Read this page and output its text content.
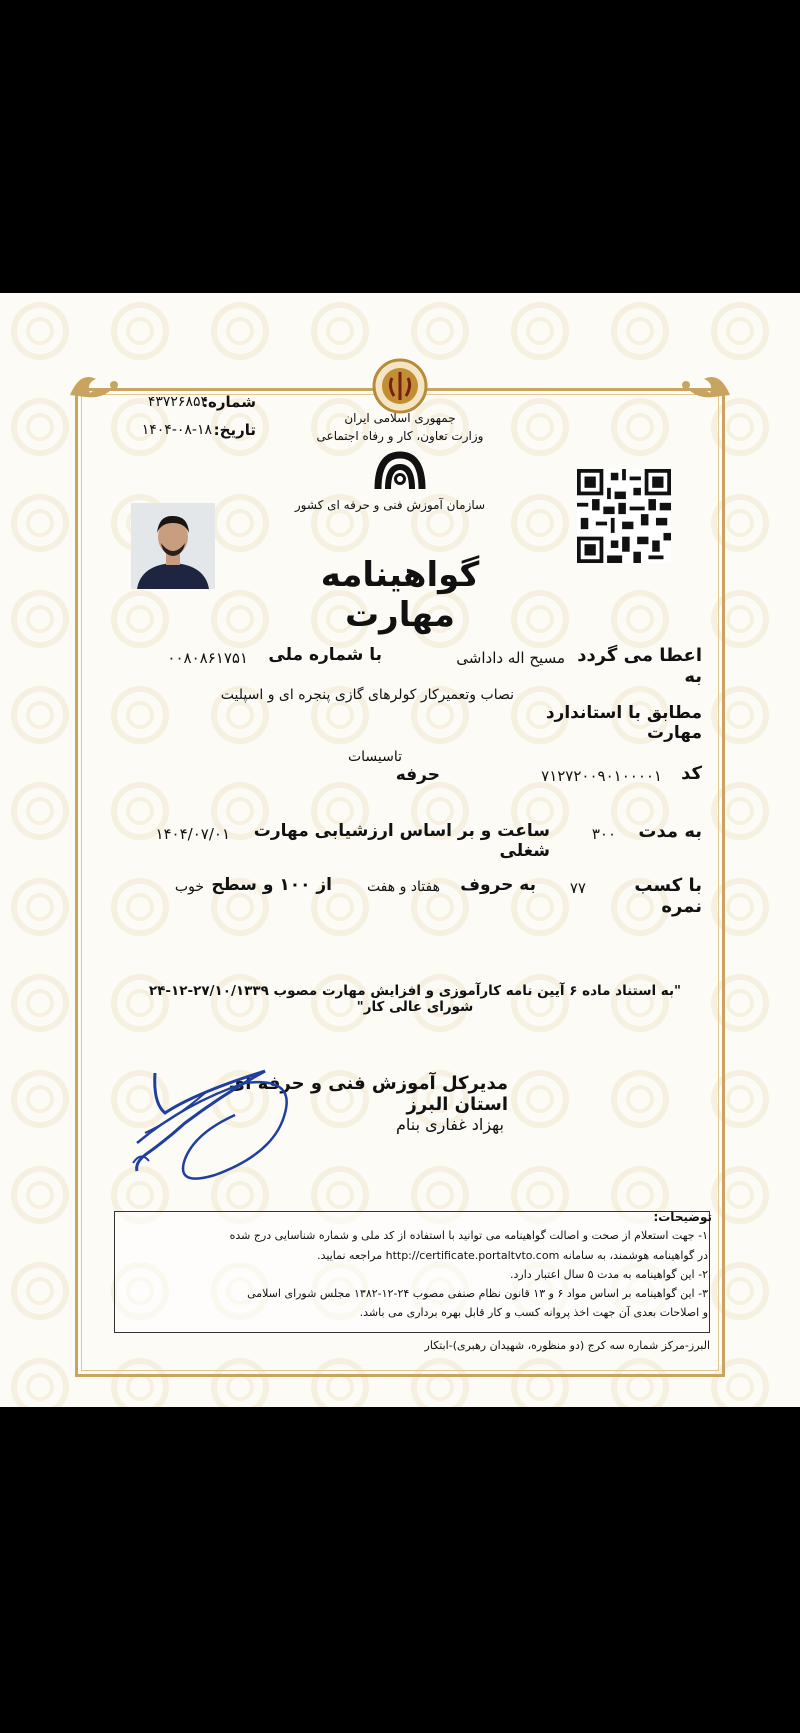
جمهوری اسلامی ایران
وزارت تعاون، کار و رفاه اجتماعی
سازمان آموزش فنی و حرفه ای کشور
شماره:
۴۳۷۲۶۸۵۴
تاریخ:
۱۴۰۴-۰۸-۱۸
گواهینامه مهارت
اعطا می گردد به
مسیح اله داداشی
با شماره ملی
۰۰۸۰۸۶۱۷۵۱
مطابق با استاندارد مهارت
نصاب وتعمیرکار کولرهای گازی پنجره ای و اسپلیت
کد
۷۱۲۷۲۰۰۹۰۱۰۰۰۰۱
حرفه
تاسیسات
به مدت
۳۰۰
ساعت و بر اساس ارزشیابی مهارت شغلی
۱۴۰۴/۰۷/۰۱
با کسب نمره
۷۷
به حروف
هفتاد و هفت
از ۱۰۰ و سطح
خوب
"به استناد ماده ۶ آیین نامه کارآموزی و افزایش مهارت مصوب ۲۷/۱۰/۱۳۳۹-۱۲-۲۴ شورای عالی کار"
مدیرکل آموزش فنی و حرفه ای استان البرز
بهزاد غفاری بنام
توضیحات:
۱- جهت استعلام از صحت و اصالت گواهینامه می توانید با استفاده از کد ملی و شماره شناسایی درج شده
در گواهینامه هوشمند، به سامانه http://certificate.portaltvto.com مراجعه نمایید.
۲- این گواهینامه به مدت ۵ سال اعتبار دارد.
۳- این گواهینامه بر اساس مواد ۶ و ۱۳ قانون نظام صنفی مصوب ۲۴-۱۲-۱۳۸۲ مجلس شورای اسلامی
و اصلاحات بعدی آن جهت اخذ پروانه کسب و کار قابل بهره برداری می باشد.
البرز-مرکز شماره سه کرج (دو منظوره، شهیدان رهبری)-ابتکار
